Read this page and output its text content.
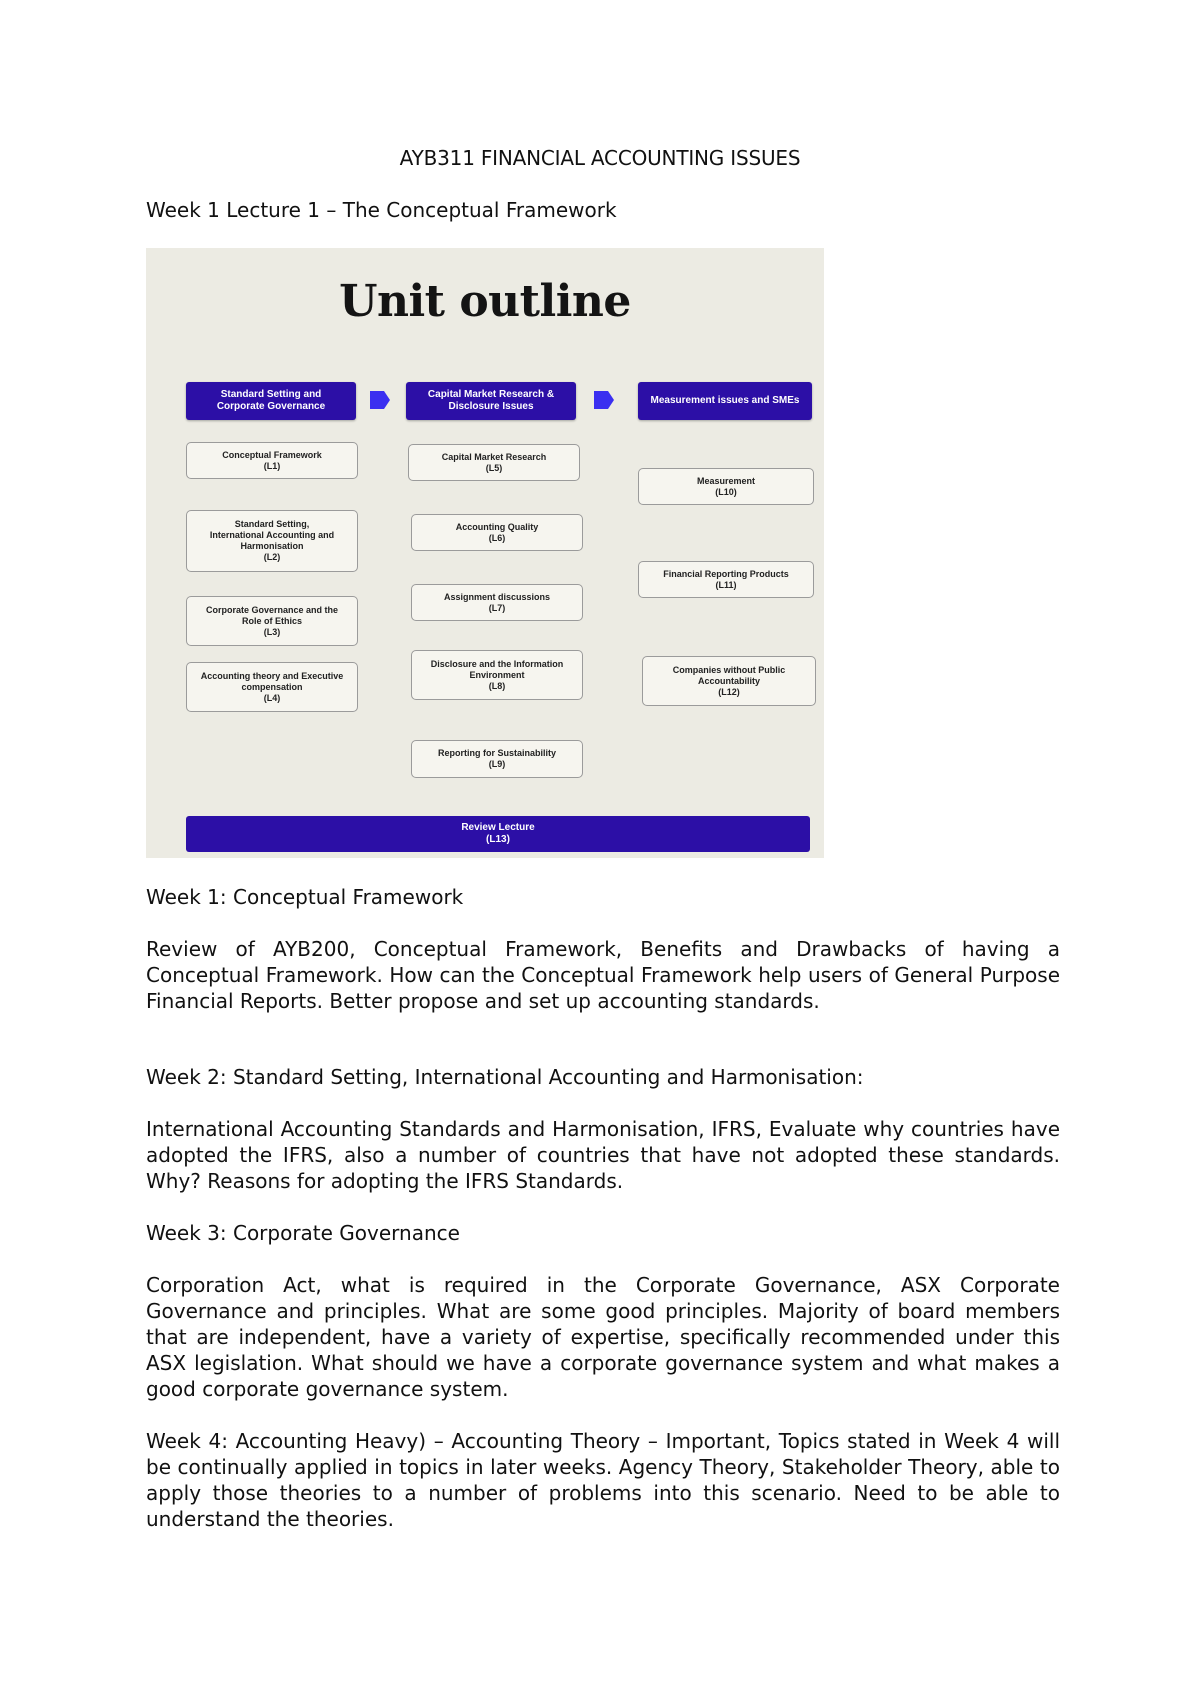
AYB311 FINANCIAL ACCOUNTING ISSUES
Week 1 Lecture 1 – The Conceptual Framework
Unit outline
Standard Setting and
Corporate Governance
Capital Market Research &
Disclosure Issues
Measurement issues and SMEs
Conceptual Framework
(L1)
Standard Setting,
International Accounting and
Harmonisation
(L2)
Corporate Governance and the
Role of Ethics
(L3)
Accounting theory and Executive
compensation
(L4)
Capital Market Research
(L5)
Accounting Quality
(L6)
Assignment discussions
(L7)
Disclosure and the Information
Environment
(L8)
Reporting for Sustainability
(L9)
Measurement
(L10)
Financial Reporting Products
(L11)
Companies without Public
Accountability
(L12)
Review Lecture
(L13)

Week 1: Conceptual Framework

Review of AYB200, Conceptual Framework, Benefits and Drawbacks of having a Conceptual Framework. How can the Conceptual Framework help users of General Purpose Financial Reports. Better propose and set up accounting standards.

Week 2: Standard Setting, International Accounting and Harmonisation:

International Accounting Standards and Harmonisation, IFRS, Evaluate why countries have adopted the IFRS, also a number of countries that have not adopted these standards. Why? Reasons for adopting the IFRS Standards.

Week 3: Corporate Governance

Corporation Act, what is required in the Corporate Governance, ASX Corporate Governance and principles. What are some good principles. Majority of board members that are independent, have a variety of expertise, specifically recommended under this ASX legislation. What should we have a corporate governance system and what makes a good corporate governance system.

Week 4: Accounting Heavy) – Accounting Theory – Important, Topics stated in Week 4 will be continually applied in topics in later weeks. Agency Theory, Stakeholder Theory, able to apply those theories to a number of problems into this scenario. Need to be able to understand the theories.
